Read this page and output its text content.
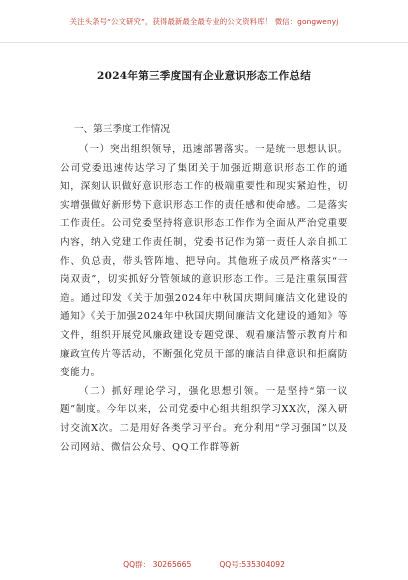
关注头条号“公文研究”，获得最新最全最专业的公文资料库！ 微信：gongwenyj
2024年第三季度国有企业意识形态工作总结
一、第三季度工作情况

（一）突出组织领导，迅速部署落实。一是统一思想认识。公司党委迅速传达学习了集团关于加强近期意识形态工作的通知，深刻认识做好意识形态工作的极端重要性和现实紧迫性，切实增强做好新形势下意识形态工作的责任感和使命感。二是落实工作责任。公司党委坚持将意识形态工作作为全面从严治党重要内容，纳入党建工作责任制，党委书记作为第一责任人亲自抓工作、负总责，带头管阵地、把导向。其他班子成员严格落实“一岗双责”，切实抓好分管领域的意识形态工作。三是注重氛围营造。通过印发《关于加强2024年中秋国庆期间廉洁文化建设的通知》《关于加强2024年中秋国庆期间廉洁文化建设的通知》等文件，组织开展党风廉政建设专题党课、观看廉洁警示教育片和廉政宣传片等活动，不断强化党员干部的廉洁自律意识和拒腐防变能力。

（二）抓好理论学习，强化思想引领。一是坚持“第一议题”制度。今年以来，公司党委中心组共组织学习XX次，深入研讨交流X次。二是用好各类学习平台。充分利用“学习强国”以及公司网站、微信公众号、QQ工作群等新

QQ群： 30265665	QQ号:535304092
